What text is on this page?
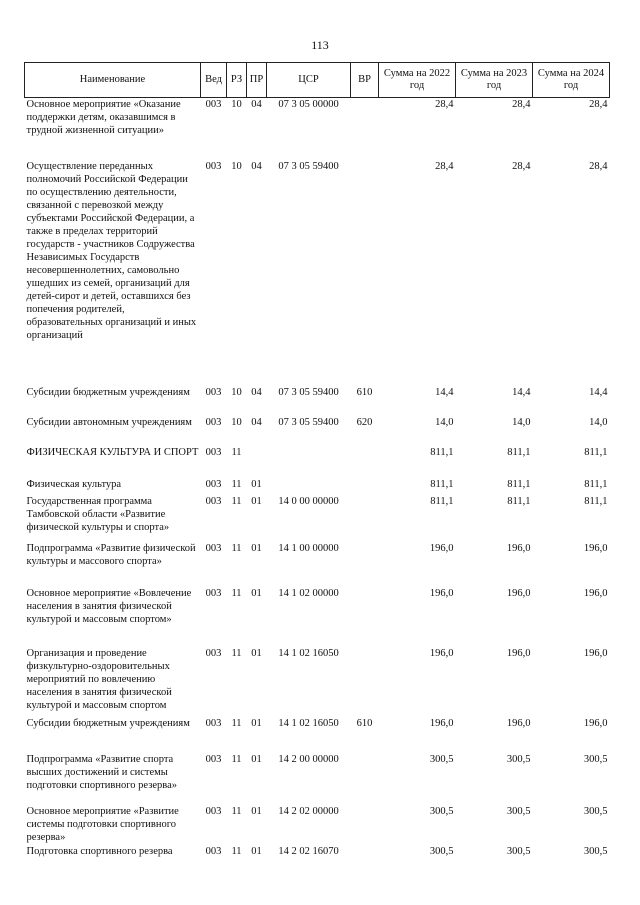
113
Наименование	Вед	РЗ	ПР	ЦСР	ВР	Сумма на 2022 год	Сумма на 2023 год	Сумма на 2024 год
Основное мероприятие «Оказание поддержки детям, оказавшимся в трудной жизненной ситуации»	003	10	04	07 3 05 00000		28,4	28,4	28,4
Осуществление переданных полномочий Российской Федерации по осуществлению деятельности, связанной с перевозкой между субъектами Российской Федерации, а также в пределах территорий государств - участников Содружества Независимых Государств несовершеннолетних, самовольно ушедших из семей, организаций для детей-сирот и детей, оставшихся без попечения родителей, образовательных организаций и иных организаций	003	10	04	07 3 05 59400		28,4	28,4	28,4
Субсидии бюджетным учреждениям	003	10	04	07 3 05 59400	610	14,4	14,4	14,4
Субсидии автономным учреждениям	003	10	04	07 3 05 59400	620	14,0	14,0	14,0
ФИЗИЧЕСКАЯ КУЛЬТУРА И СПОРТ	003	11				811,1	811,1	811,1
Физическая культура	003	11	01			811,1	811,1	811,1
Государственная программа Тамбовской области «Развитие физической культуры и спорта»	003	11	01	14 0 00 00000		811,1	811,1	811,1
Подпрограмма «Развитие физической культуры и массового спорта»	003	11	01	14 1 00 00000		196,0	196,0	196,0
Основное мероприятие «Вовлечение населения в занятия физической культурой и массовым спортом»	003	11	01	14 1 02 00000		196,0	196,0	196,0
Организация и проведение физкультурно-оздоровительных мероприятий по вовлечению населения в занятия физической культурой и массовым спортом	003	11	01	14 1 02 16050		196,0	196,0	196,0
Субсидии бюджетным учреждениям	003	11	01	14 1 02 16050	610	196,0	196,0	196,0
Подпрограмма «Развитие спорта высших достижений и системы подготовки спортивного резерва»	003	11	01	14 2 00 00000		300,5	300,5	300,5
Основное мероприятие «Развитие системы подготовки спортивного резерва»	003	11	01	14 2 02 00000		300,5	300,5	300,5
Подготовка спортивного резерва	003	11	01	14 2 02 16070		300,5	300,5	300,5
